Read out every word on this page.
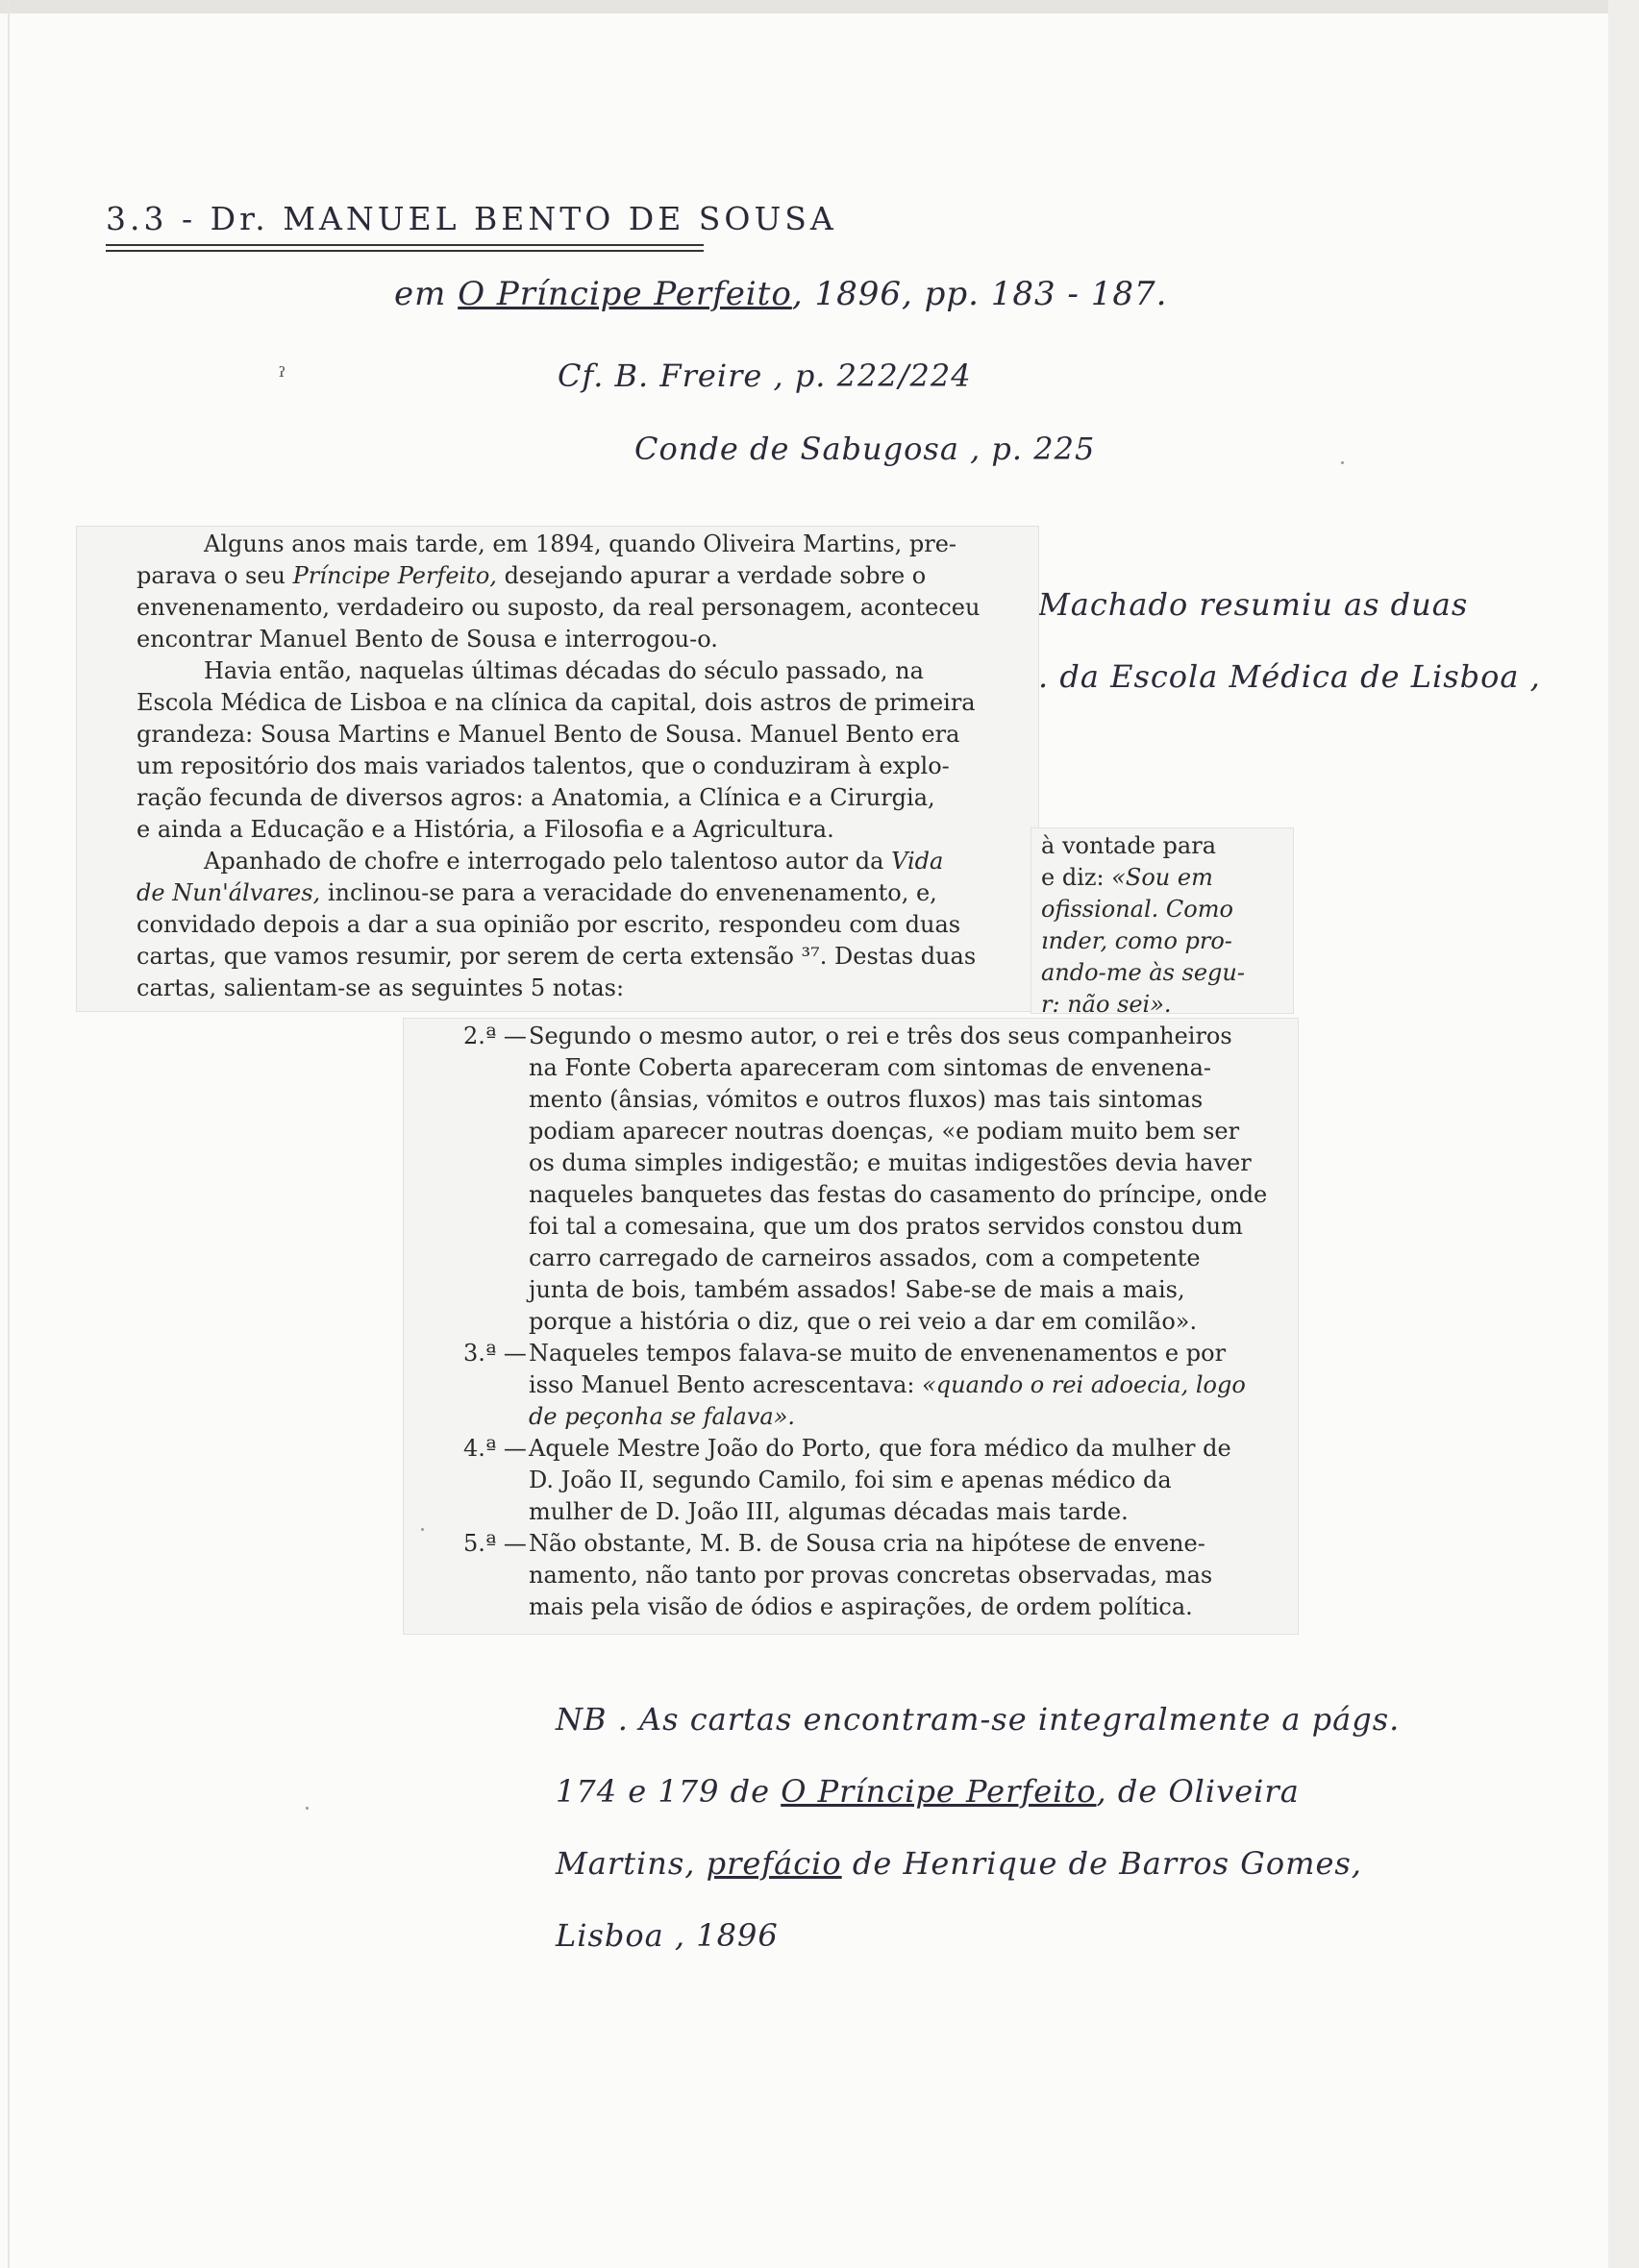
3.3 - Dr. MANUEL BENTO DE SOUSA
em O Príncipe Perfeito, 1896, pp. 183 - 187.
Cf. B. Freire , p. 222/224
Conde de Sabugosa , p. 225
Machado resumiu as duas
. da Escola Médica de Lisboa ,
Alguns anos mais tarde, em 1894, quando Oliveira Martins, pre-
parava o seu Príncipe Perfeito, desejando apurar a verdade sobre o
envenenamento, verdadeiro ou suposto, da real personagem, aconteceu
encontrar Manuel Bento de Sousa e interrogou-o.
Havia então, naquelas últimas décadas do século passado, na
Escola Médica de Lisboa e na clínica da capital, dois astros de primeira
grandeza: Sousa Martins e Manuel Bento de Sousa. Manuel Bento era
um repositório dos mais variados talentos, que o conduziram à explo-
ração fecunda de diversos agros: a Anatomia, a Clínica e a Cirurgia,
e ainda a Educação e a História, a Filosofia e a Agricultura.
Apanhado de chofre e interrogado pelo talentoso autor da Vida
de Nun'álvares, inclinou-se para a veracidade do envenenamento, e,
convidado depois a dar a sua opinião por escrito, respondeu com duas
cartas, que vamos resumir, por serem de certa extensão ³⁷. Destas duas
cartas, salientam-se as seguintes 5 notas:
à vontade para
e diz: «Sou em
ofissional. Como
ınder, como pro-
ando-me às segu-
r: não sei».
2.ª — Segundo o mesmo autor, o rei e três dos seus companheiros
na Fonte Coberta apareceram com sintomas de envenena-
mento (ânsias, vómitos e outros fluxos) mas tais sintomas
podiam aparecer noutras doenças, «e podiam muito bem ser
os duma simples indigestão; e muitas indigestões devia haver
naqueles banquetes das festas do casamento do príncipe, onde
foi tal a comesaina, que um dos pratos servidos constou dum
carro carregado de carneiros assados, com a competente
junta de bois, também assados! Sabe-se de mais a mais,
porque a história o diz, que o rei veio a dar em comilão».
3.ª — Naqueles tempos falava-se muito de envenenamentos e por
isso Manuel Bento acrescentava: «quando o rei adoecia, logo
de peçonha se falava».
4.ª — Aquele Mestre João do Porto, que fora médico da mulher de
D. João II, segundo Camilo, foi sim e apenas médico da
mulher de D. João III, algumas décadas mais tarde.
5.ª — Não obstante, M. B. de Sousa cria na hipótese de envene-
namento, não tanto por provas concretas observadas, mas
mais pela visão de ódios e aspirações, de ordem política.
NB . As cartas encontram-se integralmente a págs.
174 e 179 de O Príncipe Perfeito, de Oliveira
Martins, prefácio de Henrique de Barros Gomes,
Lisboa , 1896
ˀ
